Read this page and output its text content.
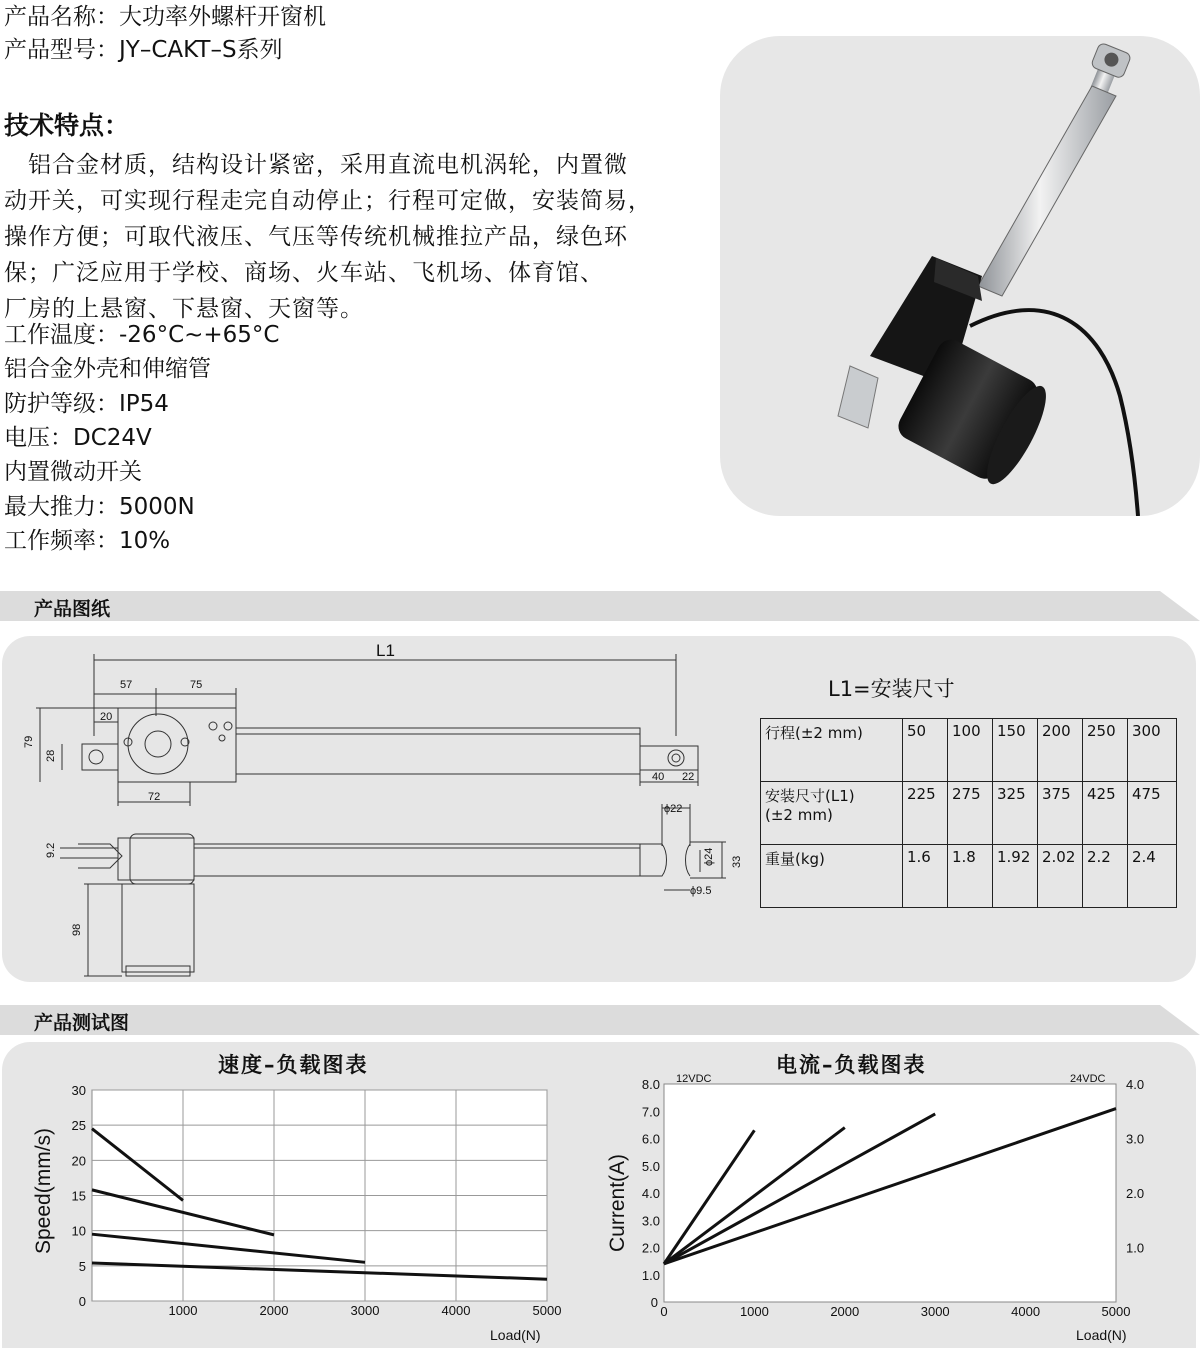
产品名称：大功率外螺杆开窗机
产品型号：JY–CAKT–S系列
技术特点：

　铝合金材质，结构设计紧密，采用直流电机涡轮，内置微

动开关，可实现行程走完自动停止；行程可定做，安装简易，

操作方便；可取代液压、气压等传统机械推拉产品，绿色环

保；广泛应用于学校、商场、火车站、飞机场、体育馆、

厂房的上悬窗、下悬窗、天窗等。

工作温度：-26°C~+65°C
铝合金外壳和伸缩管
防护等级：IP54
电压：DC24V
内置微动开关
最大推力：5000N
工作频率：10%
产品图纸
L1
57	75
20
79
28
72
40 22
ϕ22
9.2	ϕ24 33
ϕ9.5
98
L1=安装尺寸
行程(±2 mm)	50	100	150	200	250	300
安装尺寸(L1)
(±2 mm)	225	275	325	375	425	475
重量(kg)	1.6	1.8	1.92	2.02	2.2	2.4
产品测试图
速度–负载图表	电流–负载图表
1000	2000	3000	4000	5000
0
5
10
15
20
25
30
Load(N)
Speed(mm/s)
0	1000	2000	3000	4000	5000
0
1.0
2.0
3.0
4.0
5.0
6.0
7.0
8.0
1.0
2.0
3.0
4.0
12VDC	24VDC
Load(N)
Current(A)
